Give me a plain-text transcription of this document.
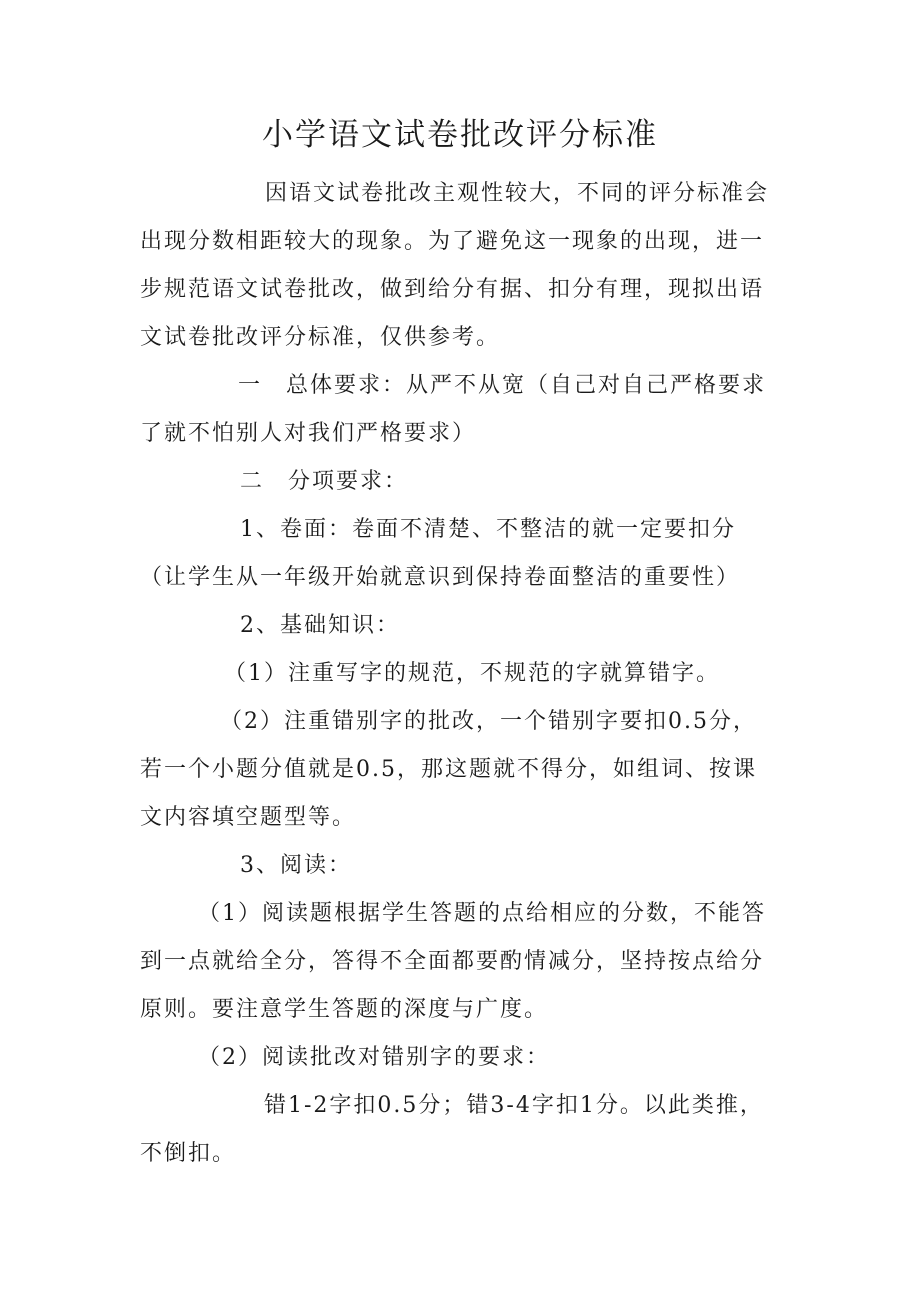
小学语文试卷批改评分标准

因语文试卷批改主观性较大，不同的评分标准会出现分数相距较大的现象。为了避免这一现象的出现，进一步规范语文试卷批改，做到给分有据、扣分有理，现拟出语文试卷批改评分标准，仅供参考。

一　总体要求：从严不从宽（自己对自己严格要求了就不怕别人对我们严格要求）

二　分项要求：

1、卷面：卷面不清楚、不整洁的就一定要扣分（让学生从一年级开始就意识到保持卷面整洁的重要性）

2、基础知识：

（1）注重写字的规范，不规范的字就算错字。

（2）注重错别字的批改，一个错别字要扣0.5分，若一个小题分值就是0.5，那这题就不得分，如组词、按课文内容填空题型等。

3、阅读：

（1）阅读题根据学生答题的点给相应的分数，不能答到一点就给全分，答得不全面都要酌情减分，坚持按点给分原则。要注意学生答题的深度与广度。

（2）阅读批改对错别字的要求：

错1-2字扣0.5分；错3-4字扣1分。以此类推，不倒扣。
